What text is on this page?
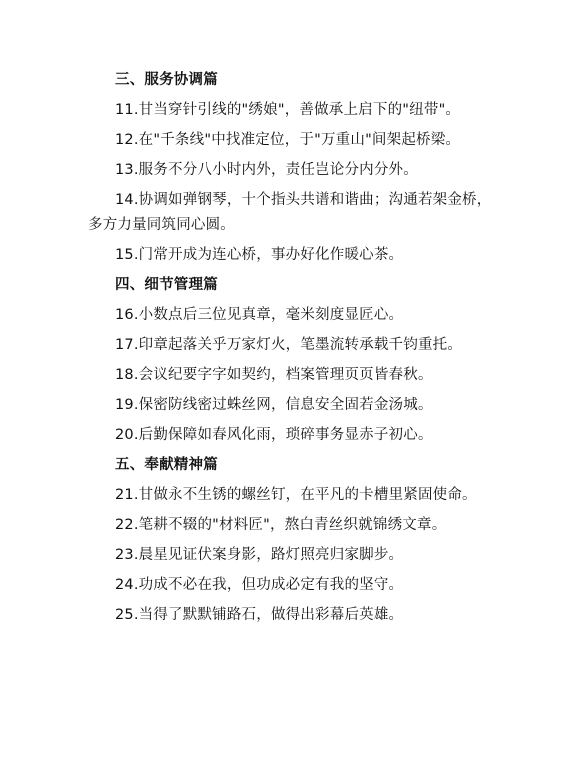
三、服务协调篇
11.甘当穿针引线的"绣娘"，善做承上启下的"纽带"。
12.在"千条线"中找准定位，于"万重山"间架起桥梁。
13.服务不分八小时内外，责任岂论分内分外。
14.协调如弹钢琴，十个指头共谱和谐曲；沟通若架金桥，
多方力量同筑同心圆。
15.门常开成为连心桥，事办好化作暖心茶。
四、细节管理篇
16.小数点后三位见真章，毫米刻度显匠心。
17.印章起落关乎万家灯火，笔墨流转承载千钧重托。
18.会议纪要字字如契约，档案管理页页皆春秋。
19.保密防线密过蛛丝网，信息安全固若金汤城。
20.后勤保障如春风化雨，琐碎事务显赤子初心。
五、奉献精神篇
21.甘做永不生锈的螺丝钉，在平凡的卡槽里紧固使命。
22.笔耕不辍的"材料匠"，熬白青丝织就锦绣文章。
23.晨星见证伏案身影，路灯照亮归家脚步。
24.功成不必在我，但功成必定有我的坚守。
25.当得了默默铺路石，做得出彩幕后英雄。
